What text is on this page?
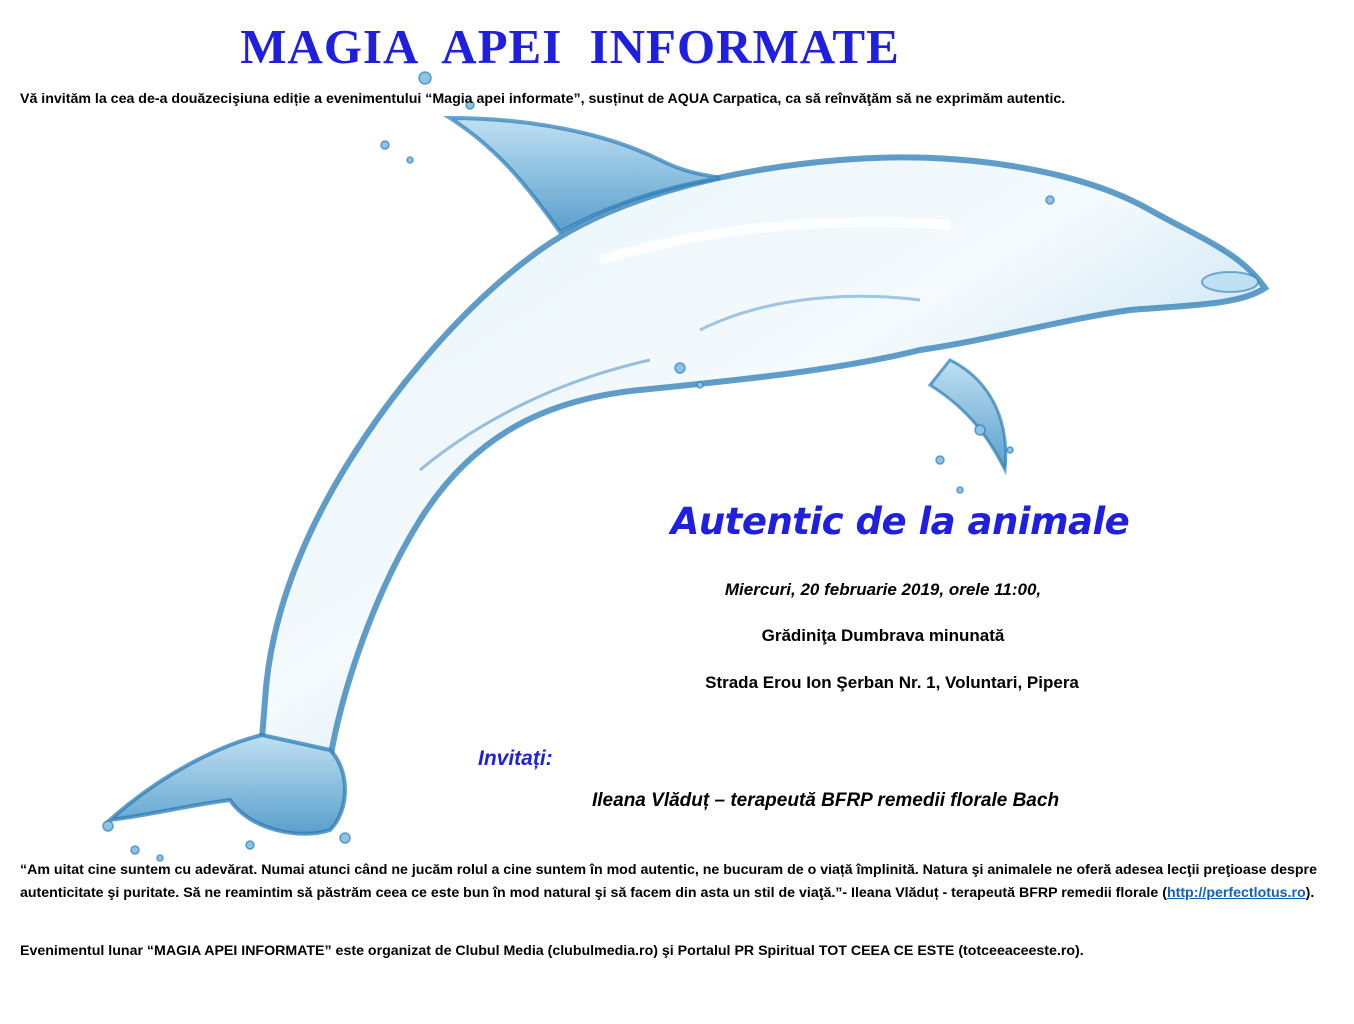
MAGIA APEI INFORMATE
Vă invităm la cea de-a douăzecişiuna ediție a evenimentului “Magia apei informate”, susținut de AQUA Carpatica, ca să reînvăţăm să ne exprimăm autentic.
Autentic de la animale
Miercuri, 20 februarie 2019, orele 11:00,
Grădiniţa Dumbrava minunată
Strada Erou Ion Şerban Nr. 1, Voluntari, Pipera
Invitați:
Ileana Vlăduț – terapeută BFRP remedii florale Bach
“Am uitat cine suntem cu adevărat. Numai atunci când ne jucăm rolul a cine suntem în mod autentic, ne bucuram de o viață împlinită. Natura şi animalele ne oferă adesea lecţii preţioase despre autenticitate şi puritate. Să ne reamintim să păstrăm ceea ce este bun în mod natural şi să facem din asta un stil de viaţă.”- Ileana Vlăduț - terapeută BFRP remedii florale (http://perfectlotus.ro).
Evenimentul lunar “MAGIA APEI INFORMATE” este organizat de Clubul Media (clubulmedia.ro) şi Portalul PR Spiritual TOT CEEA CE ESTE (totceeaceeste.ro).
